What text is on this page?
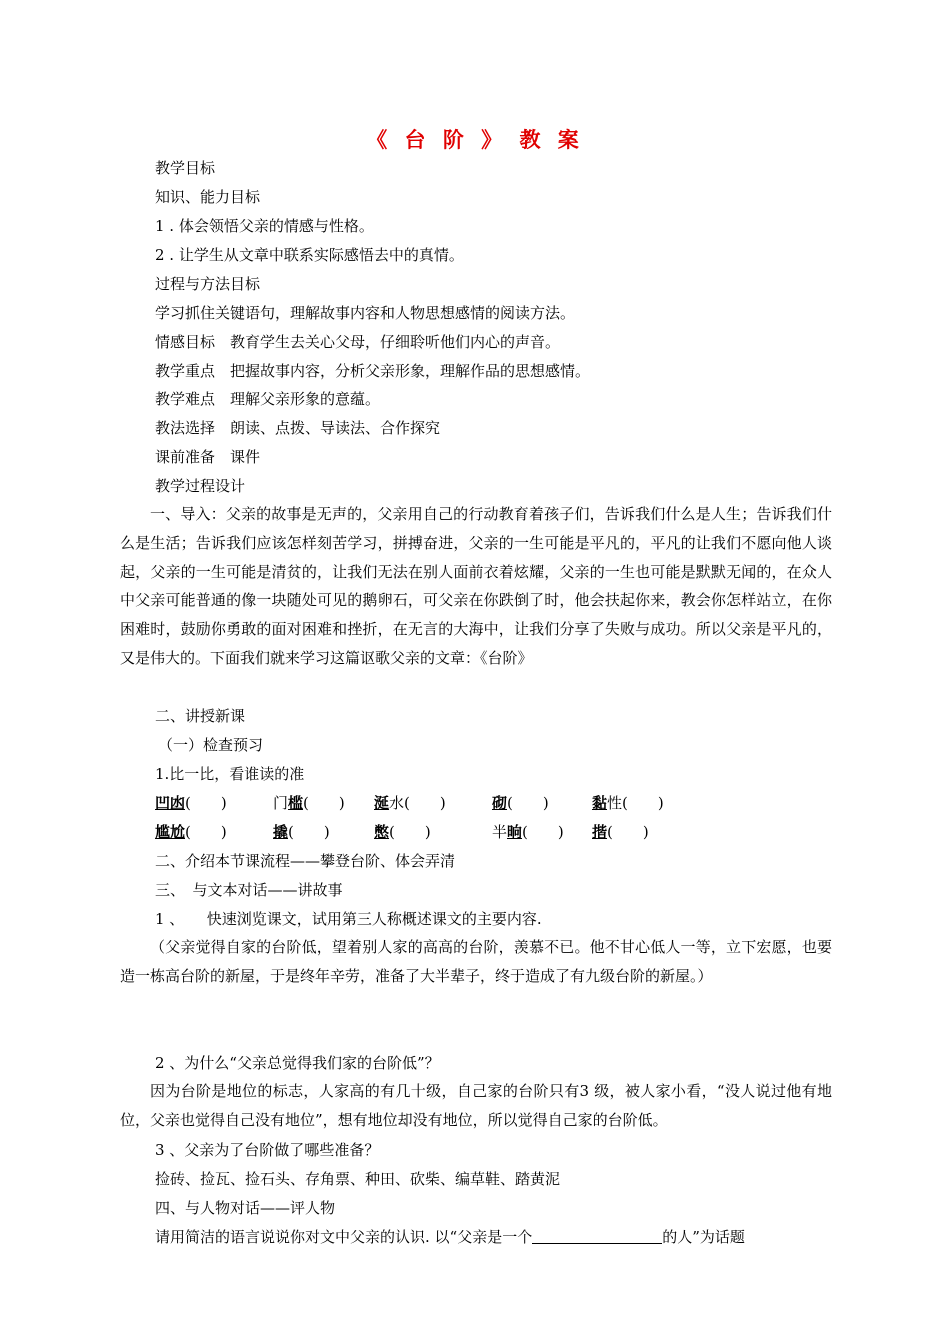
《 台 阶 》 教 案
教学目标
知识、能力目标
1 . 体会领悟父亲的情感与性格。
2 . 让学生从文章中联系实际感悟去中的真情。
过程与方法目标
学习抓住关键语句，理解故事内容和人物思想感情的阅读方法。
情感目标　教育学生去关心父母，仔细聆听他们内心的声音。
教学重点　把握故事内容，分析父亲形象，理解作品的思想感情。
教学难点　理解父亲形象的意蕴。
教法选择　朗读、点拨、导读法、合作探究
课前准备　课件
教学过程设计

一、导入：父亲的故事是无声的，父亲用自己的行动教育着孩子们，告诉我们什么是人生；告诉我们什么是生活；告诉我们应该怎样刻苦学习，拼搏奋进，父亲的一生可能是平凡的，平凡的让我们不愿向他人谈起，父亲的一生可能是清贫的，让我们无法在别人面前衣着炫耀，父亲的一生也可能是默默无闻的，在众人中父亲可能普通的像一块随处可见的鹅卵石，可父亲在你跌倒了时，他会扶起你来，教会你怎样站立，在你困难时，鼓励你勇敢的面对困难和挫折，在无言的大海中，让我们分享了失败与成功。所以父亲是平凡的，又是伟大的。下面我们就来学习这篇讴歌父亲的文章：《台阶》

二、讲授新课
（一）检查预习
1.比一比，看谁读的准
凹凼(　　)	门槛(　　) 涎水(　　)	砌(　　)	黏性(　　)
尴尬(　　)	撬(　　)	憋(　　)	半晌(　　) 揩(　　)
二、介绍本节课流程——攀登台阶、体会弄清
三、　与文本对话——讲故事
1 、　　快速浏览课文，试用第三人称概述课文的主要内容.

（父亲觉得自家的台阶低，望着别人家的高高的台阶，羡慕不已。他不甘心低人一等，立下宏愿，也要造一栋高台阶的新屋，于是终年辛劳，准备了大半辈子，终于造成了有九级台阶的新屋。）

2 、为什么“父亲总觉得我们家的台阶低”？

因为台阶是地位的标志，人家高的有几十级，自己家的台阶只有3 级，被人家小看，“没人说过他有地位，父亲也觉得自己没有地位”，想有地位却没有地位，所以觉得自己家的台阶低。

3 、父亲为了台阶做了哪些准备？
捡砖、捡瓦、捡石头、存角票、种田、砍柴、编草鞋、踏黄泥
四、与人物对话——评人物
请用简洁的语言说说你对文中父亲的认识. 以“父亲是一个	的人”为话题
